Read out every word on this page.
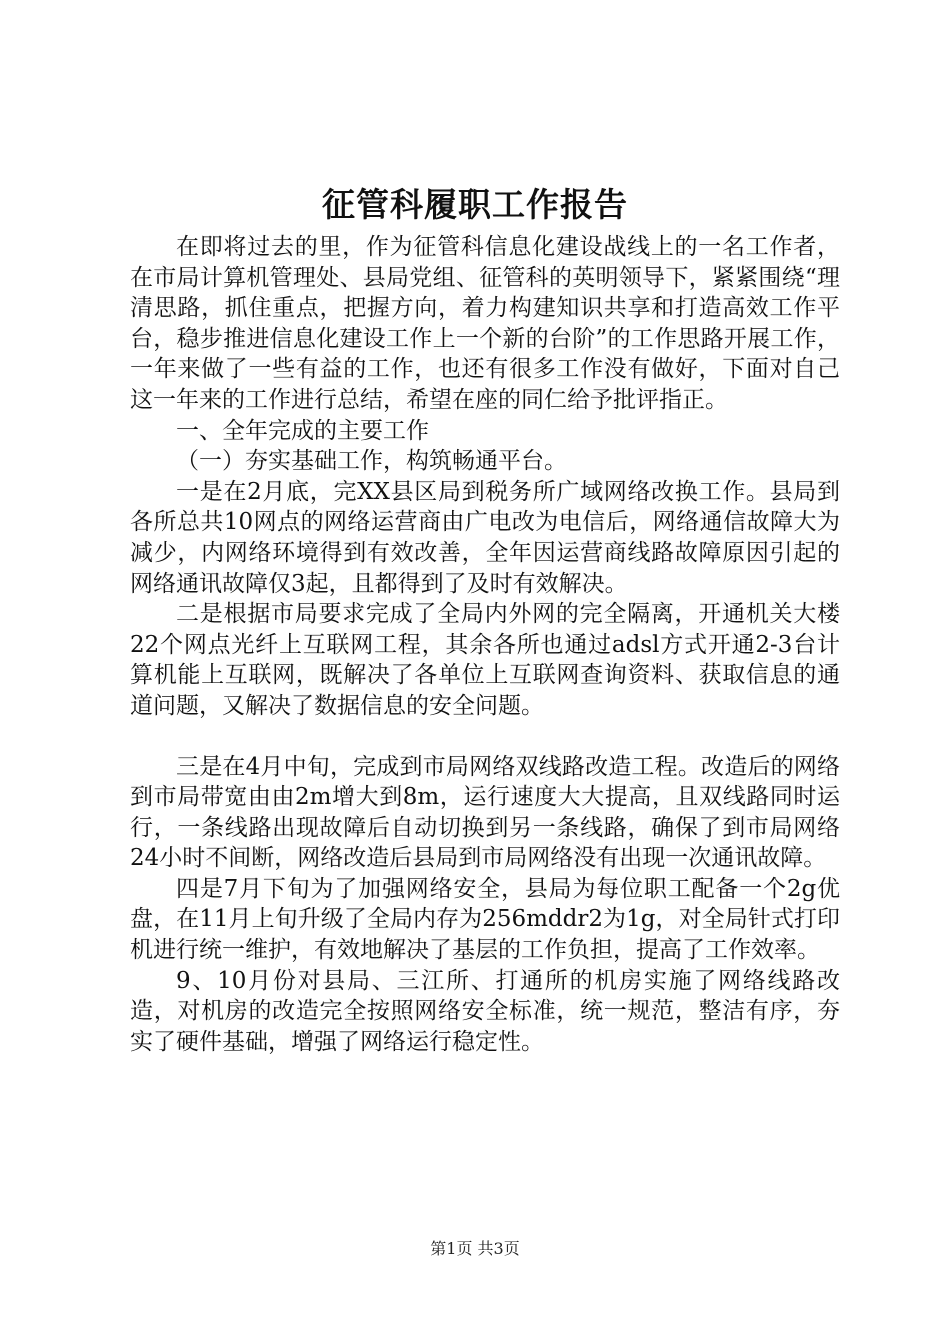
征管科履职工作报告

在即将过去的里，作为征管科信息化建设战线上的一名工作者，在市局计算机管理处、县局党组、征管科的英明领导下，紧紧围绕“理清思路，抓住重点，把握方向，着力构建知识共享和打造高效工作平台，稳步推进信息化建设工作上一个新的台阶”的工作思路开展工作，一年来做了一些有益的工作，也还有很多工作没有做好，下面对自己这一年来的工作进行总结，希望在座的同仁给予批评指正。

一、全年完成的主要工作

（一）夯实基础工作，构筑畅通平台。

一是在2月底，完XX县区局到税务所广域网络改换工作。县局到各所总共10网点的网络运营商由广电改为电信后，网络通信故障大为减少，内网络环境得到有效改善，全年因运营商线路故障原因引起的网络通讯故障仅3起，且都得到了及时有效解决。

二是根据市局要求完成了全局内外网的完全隔离，开通机关大楼22个网点光纤上互联网工程，其余各所也通过adsl方式开通2-3台计算机能上互联网，既解决了各单位上互联网查询资料、获取信息的通道问题，又解决了数据信息的安全问题。

三是在4月中旬，完成到市局网络双线路改造工程。改造后的网络到市局带宽由由2m增大到8m，运行速度大大提高，且双线路同时运行，一条线路出现故障后自动切换到另一条线路，确保了到市局网络24小时不间断，网络改造后县局到市局网络没有出现一次通讯故障。

四是7月下旬为了加强网络安全，县局为每位职工配备一个2g优盘，在11月上旬升级了全局内存为256mddr2为1g，对全局针式打印机进行统一维护，有效地解决了基层的工作负担，提高了工作效率。

9、10月份对县局、三江所、打通所的机房实施了网络线路改造，对机房的改造完全按照网络安全标准，统一规范，整洁有序，夯实了硬件基础，增强了网络运行稳定性。

第1页 共3页
